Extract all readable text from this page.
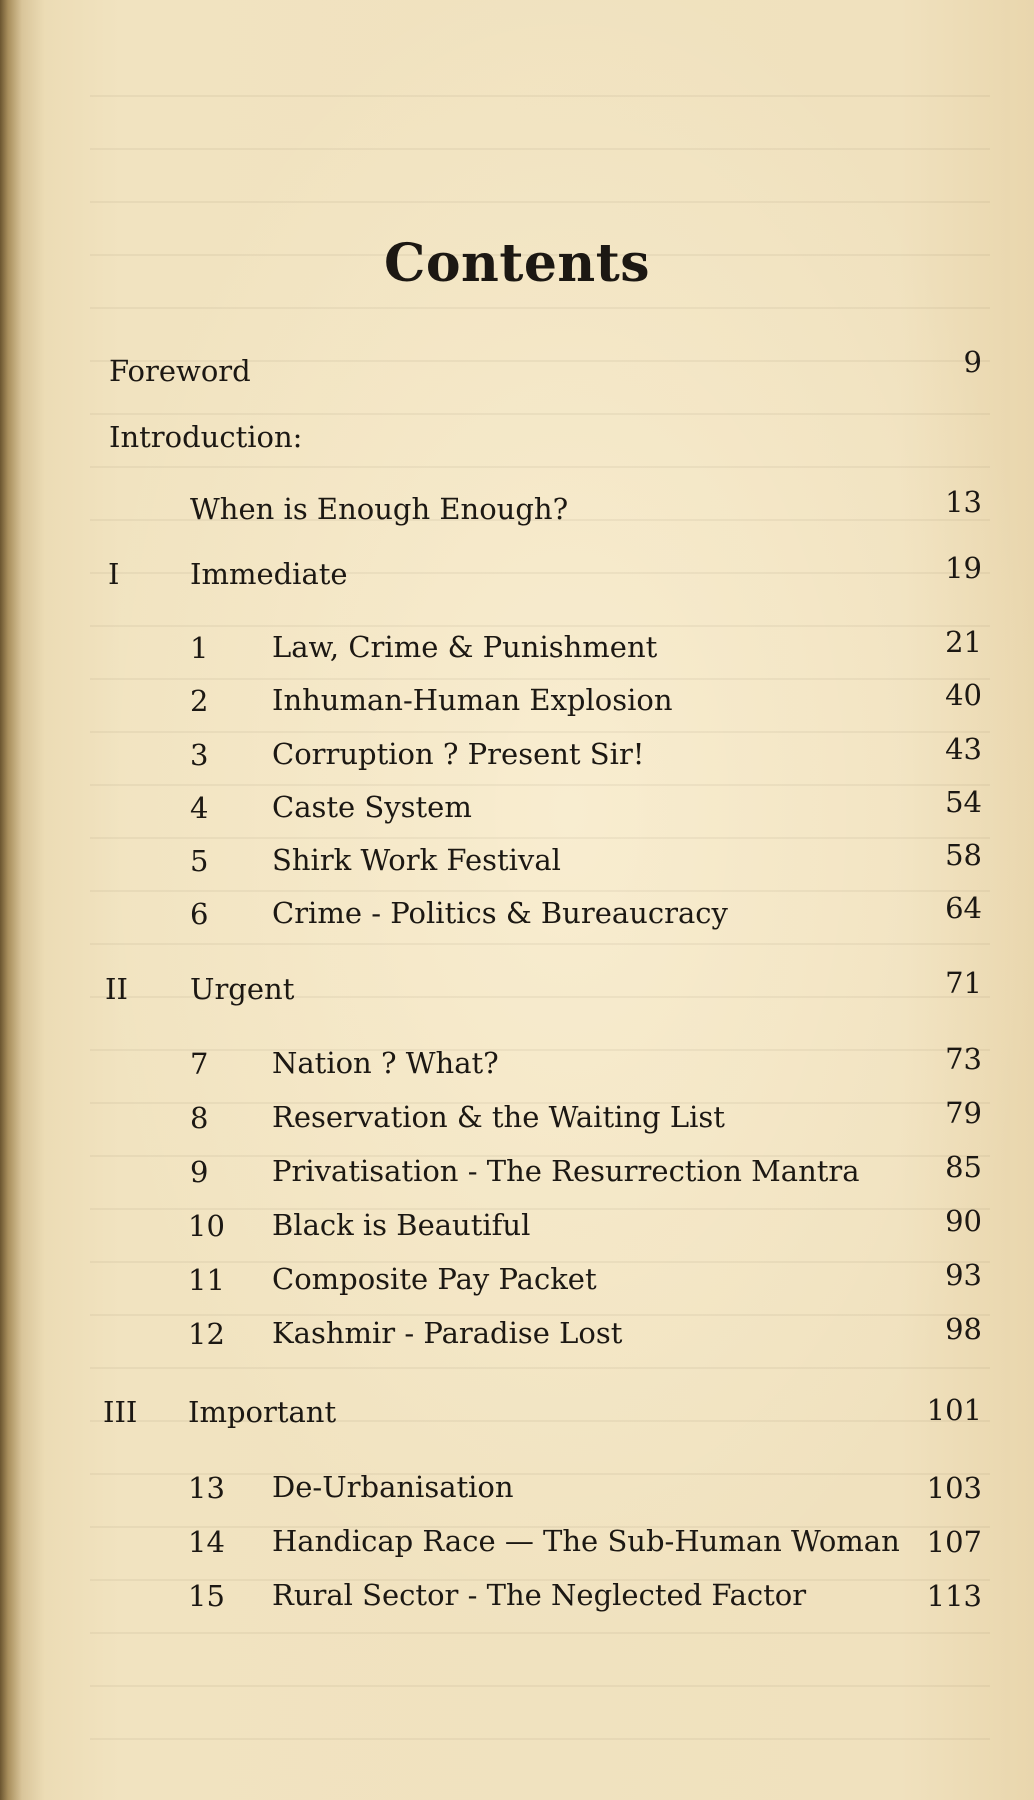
Contents
Foreword	9
Introduction:
When is Enough Enough?	13
I Immediate	19
1 Law, Crime & Punishment	21
2 Inhuman-Human Explosion	40
3 Corruption ? Present Sir!	43
4 Caste System	54
5 Shirk Work Festival	58
6 Crime - Politics & Bureaucracy	64
II Urgent	71
7 Nation ? What?	73
8 Reservation & the Waiting List	79
9 Privatisation - The Resurrection Mantra	85
10 Black is Beautiful	90
11 Composite Pay Packet	93
12 Kashmir - Paradise Lost	98
III Important	101
13 De-Urbanisation	103
14 Handicap Race — The Sub-Human Woman 107
15 Rural Sector - The Neglected Factor	113
